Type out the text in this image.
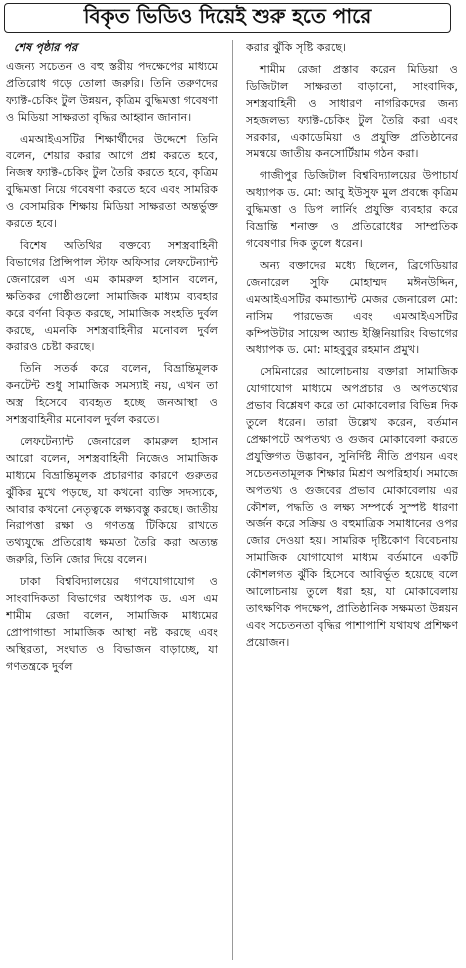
বিকৃত ভিডিও দিয়েই শুরু হতে পারে

শেষ পৃষ্ঠার পর

এজন্য সচেতন ও বহু স্তরীয় পদক্ষেপের মাধ্যমে প্রতিরোধ গড়ে তোলা জরুরি। তিনি তরুণদের ফ্যাক্ট-চেকিং টুল উন্নয়ন, কৃত্রিম বুদ্ধিমত্তা গবেষণা ও মিডিয়া সাক্ষরতা বৃদ্ধির আহ্বান জানান।

এমআইএসটির শিক্ষার্থীদের উদ্দেশে তিনি বলেন, শেয়ার করার আগে প্রশ্ন করতে হবে, নিজস্ব ফ্যাক্ট-চেকিং টুল তৈরি করতে হবে, কৃত্রিম বুদ্ধিমত্তা নিয়ে গবেষণা করতে হবে এবং সামরিক ও বেসামরিক শিক্ষায় মিডিয়া সাক্ষরতা অন্তর্ভুক্ত করতে হবে।

বিশেষ অতিথির বক্তব্যে সশস্ত্রবাহিনী বিভাগের প্রিন্সিপাল স্টাফ অফিসার লেফটেন্যান্ট জেনারেল এস এম কামরুল হাসান বলেন, ক্ষতিকর গোষ্ঠীগুলো সামাজিক মাধ্যম ব্যবহার করে বর্ণনা বিকৃত করছে, সামাজিক সংহতি দুর্বল করছে, এমনকি সশস্ত্রবাহিনীর মনোবল দুর্বল করারও চেষ্টা করছে।

তিনি সতর্ক করে বলেন, বিভ্রান্তিমূলক কনটেন্ট শুধু সামাজিক সমস্যাই নয়, এখন তা অস্ত্র হিসেবে ব্যবহৃত হচ্ছে জনআস্থা ও সশস্ত্রবাহিনীর মনোবল দুর্বল করতে।

লেফটেন্যান্ট জেনারেল কামরুল হাসান আরো বলেন, সশস্ত্রবাহিনী নিজেও সামাজিক মাধ্যমে বিভ্রান্তিমূলক প্রচারণার কারণে গুরুতর ঝুঁকির মুখে পড়ছে, যা কখনো ব্যক্তি সদস্যকে, আবার কখনো নেতৃত্বকে লক্ষ্যবস্তু করছে। জাতীয় নিরাপত্তা রক্ষা ও গণতন্ত্র টিকিয়ে রাখতে তথ্যযুদ্ধে প্রতিরোধ ক্ষমতা তৈরি করা অত্যন্ত জরুরি, তিনি জোর দিয়ে বলেন।

ঢাকা বিশ্ববিদ্যালয়ের গণযোগাযোগ ও সাংবাদিকতা বিভাগের অধ্যাপক ড. এস এম শামীম রেজা বলেন, সামাজিক মাধ্যমের প্রোপাগান্ডা সামাজিক আস্থা নষ্ট করছে এবং অস্থিরতা, সংঘাত ও বিভাজন বাড়াচ্ছে, যা গণতন্ত্রকে দুর্বল

করার ঝুঁকি সৃষ্টি করছে।

শামীম রেজা প্রস্তাব করেন মিডিয়া ও ডিজিটাল সাক্ষরতা বাড়ানো, সাংবাদিক, সশস্ত্রবাহিনী ও সাধারণ নাগরিকদের জন্য সহজলভ্য ফ্যাক্ট-চেকিং টুল তৈরি করা এবং সরকার, একাডেমিয়া ও প্রযুক্তি প্রতিষ্ঠানের সমন্বয়ে জাতীয় কনসোর্টিয়াম গঠন করা।

গাজীপুর ডিজিটাল বিশ্ববিদ্যালয়ের উপাচার্য অধ্যাপক ড. মো: আবু ইউসুফ মুল প্রবন্ধে কৃত্রিম বুদ্ধিমত্তা ও ডিপ লার্নিং প্রযুক্তি ব্যবহার করে বিভ্রান্তি শনাক্ত ও প্রতিরোধের সাম্প্রতিক গবেষণার দিক তুলে ধরেন।

অন্য বক্তাদের মধ্যে ছিলেন, ব্রিগেডিয়ার জেনারেল সুফি মোহাম্মদ মঈনউদ্দিন, এমআইএসটির কমান্ড্যান্ট মেজর জেনারেল মো: নাসিম পারভেজ এবং এমআইএসটির কম্পিউটার সায়েন্স অ্যান্ড ইঞ্জিনিয়ারিং বিভাগের অধ্যাপক ড. মো: মাহবুবুর রহমান প্রমুখ।

সেমিনারের আলোচনায় বক্তারা সামাজিক যোগাযোগ মাধ্যমে অপপ্রচার ও অপতথ্যের প্রভাব বিশ্লেষণ করে তা মোকাবেলার বিভিন্ন দিক তুলে ধরেন। তারা উল্লেখ করেন, বর্তমান প্রেক্ষাপটে অপতথ্য ও গুজব মোকাবেলা করতে প্রযুক্তিগত উদ্ভাবন, সুনির্দিষ্ট নীতি প্রণয়ন এবং সচেতনতামূলক শিক্ষার মিশ্রণ অপরিহার্য। সমাজে অপতথ্য ও গুজবের প্রভাব মোকাবেলায় এর কৌশল, পদ্ধতি ও লক্ষ্য সম্পর্কে সুস্পষ্ট ধারণা অর্জন করে সক্রিয় ও বহুমাত্রিক সমাধানের ওপর জোর দেওয়া হয়। সামরিক দৃষ্টিকোণ বিবেচনায় সামাজিক যোগাযোগ মাধ্যম বর্তমানে একটি কৌশলগত ঝুঁকি হিসেবে আবির্ভূত হয়েছে বলে আলোচনায় তুলে ধরা হয়, যা মোকাবেলায় তাৎক্ষণিক পদক্ষেপ, প্রাতিষ্ঠানিক সক্ষমতা উন্নয়ন এবং সচেতনতা বৃদ্ধির পাশাপাশি যথাযথ প্রশিক্ষণ প্রয়োজন।
